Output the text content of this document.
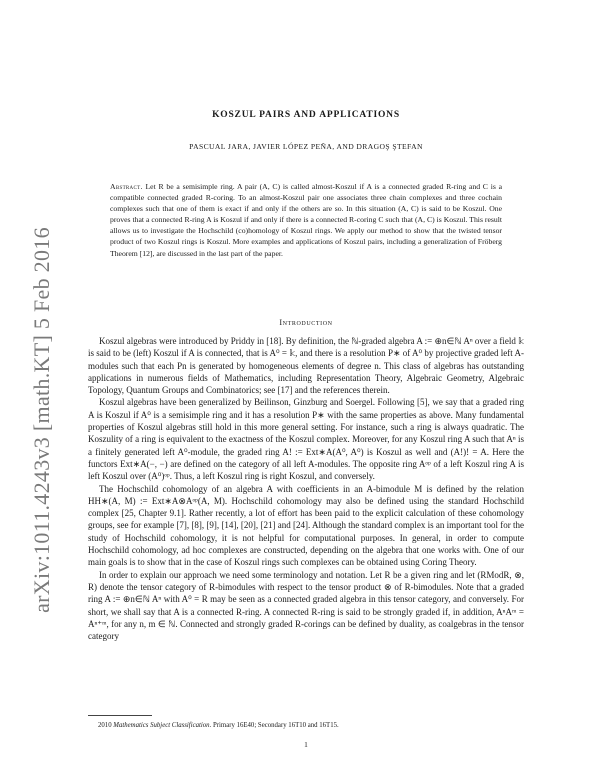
arXiv:1011.4243v3 [math.KT] 5 Feb 2016
KOSZUL PAIRS AND APPLICATIONS
PASCUAL JARA, JAVIER LÓPEZ PEÑA, AND DRAGOŞ ŞTEFAN
Abstract. Let R be a semisimple ring. A pair (A, C) is called almost-Koszul if A is a connected graded R-ring and C is a compatible connected graded R-coring. To an almost-Koszul pair one associates three chain complexes and three cochain complexes such that one of them is exact if and only if the others are so. In this situation (A, C) is said to be Koszul. One proves that a connected R-ring A is Koszul if and only if there is a connected R-coring C such that (A, C) is Koszul. This result allows us to investigate the Hochschild (co)homology of Koszul rings. We apply our method to show that the twisted tensor product of two Koszul rings is Koszul. More examples and applications of Koszul pairs, including a generalization of Fröberg Theorem [12], are discussed in the last part of the paper.
Introduction

Koszul algebras were introduced by Priddy in [18]. By definition, the ℕ-graded algebra A := ⊕n∈ℕ Aⁿ over a field 𝕜 is said to be (left) Koszul if A is connected, that is A⁰ = 𝕜, and there is a resolution P∗ of A⁰ by projective graded left A-modules such that each Pn is generated by homogeneous elements of degree n. This class of algebras has outstanding applications in numerous fields of Mathematics, including Representation Theory, Algebraic Geometry, Algebraic Topology, Quantum Groups and Combinatorics; see [17] and the references therein.

Koszul algebras have been generalized by Beilinson, Ginzburg and Soergel. Following [5], we say that a graded ring A is Koszul if A⁰ is a semisimple ring and it has a resolution P∗ with the same properties as above. Many fundamental properties of Koszul algebras still hold in this more general setting. For instance, such a ring is always quadratic. The Koszulity of a ring is equivalent to the exactness of the Koszul complex. Moreover, for any Koszul ring A such that Aⁿ is a finitely generated left A⁰-module, the graded ring A! := Ext∗A(A⁰, A⁰) is Koszul as well and (A!)! = A. Here the functors Ext∗A(−, −) are defined on the category of all left A-modules. The opposite ring Aᵒᵖ of a left Koszul ring A is left Koszul over (A⁰)ᵒᵖ. Thus, a left Koszul ring is right Koszul, and conversely.

The Hochschild cohomology of an algebra A with coefficients in an A-bimodule M is defined by the relation HH∗(A, M) := Ext∗A⊗Aᵒᵖ(A, M). Hochschild cohomology may also be defined using the standard Hochschild complex [25, Chapter 9.1]. Rather recently, a lot of effort has been paid to the explicit calculation of these cohomology groups, see for example [7], [8], [9], [14], [20], [21] and [24]. Although the standard complex is an important tool for the study of Hochschild cohomology, it is not helpful for computational purposes. In general, in order to compute Hochschild cohomology, ad hoc complexes are constructed, depending on the algebra that one works with. One of our main goals is to show that in the case of Koszul rings such complexes can be obtained using Coring Theory.

In order to explain our approach we need some terminology and notation. Let R be a given ring and let (RModR, ⊗, R) denote the tensor category of R-bimodules with respect to the tensor product ⊗ of R-bimodules. Note that a graded ring A := ⊕n∈ℕ Aⁿ with A⁰ = R may be seen as a connected graded algebra in this tensor category, and conversely. For short, we shall say that A is a connected R-ring. A connected R-ring is said to be strongly graded if, in addition, AⁿAᵐ = Aⁿ⁺ᵐ, for any n, m ∈ ℕ. Connected and strongly graded R-corings can be defined by duality, as coalgebras in the tensor category

2010 Mathematics Subject Classification. Primary 16E40; Secondary 16T10 and 16T15.
1
